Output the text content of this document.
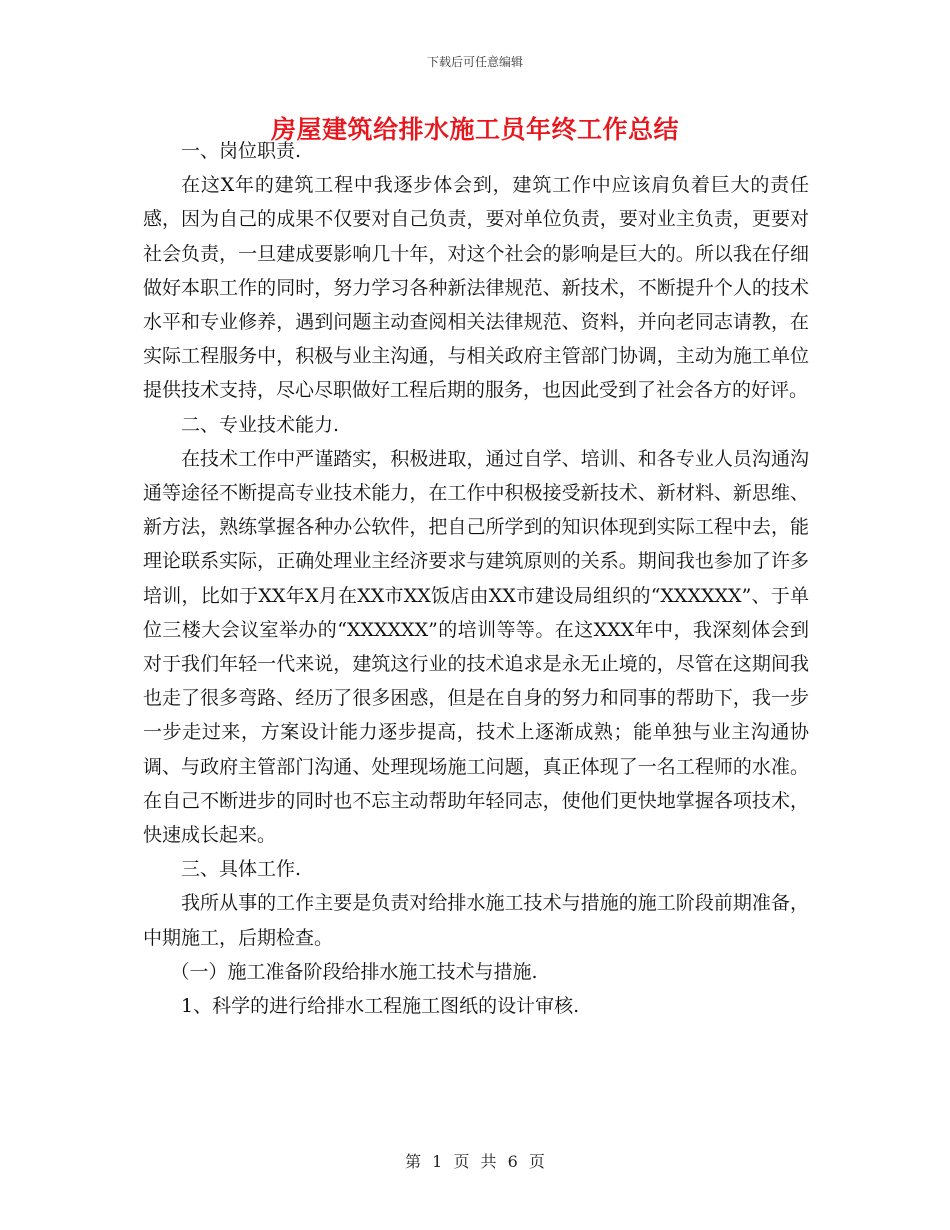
下载后可任意编辑
房屋建筑给排水施工员年终工作总结

一、岗位职责.

在这X年的建筑工程中我逐步体会到，建筑工作中应该肩负着巨大的责任感，因为自己的成果不仅要对自己负责，要对单位负责，要对业主负责，更要对社会负责，一旦建成要影响几十年，对这个社会的影响是巨大的。所以我在仔细做好本职工作的同时，努力学习各种新法律规范、新技术，不断提升个人的技术水平和专业修养，遇到问题主动查阅相关法律规范、资料，并向老同志请教，在实际工程服务中，积极与业主沟通，与相关政府主管部门协调，主动为施工单位提供技术支持，尽心尽职做好工程后期的服务，也因此受到了社会各方的好评。

二、专业技术能力.

在技术工作中严谨踏实，积极进取，通过自学、培训、和各专业人员沟通沟通等途径不断提高专业技术能力，在工作中积极接受新技术、新材料、新思维、新方法，熟练掌握各种办公软件，把自己所学到的知识体现到实际工程中去，能理论联系实际，正确处理业主经济要求与建筑原则的关系。期间我也参加了许多培训，比如于XX年X月在XX市XX饭店由XX市建设局组织的“XXXXXX”、于单位三楼大会议室举办的“XXXXXX”的培训等等。在这XXX年中，我深刻体会到对于我们年轻一代来说，建筑这行业的技术追求是永无止境的，尽管在这期间我也走了很多弯路、经历了很多困惑，但是在自身的努力和同事的帮助下，我一步一步走过来，方案设计能力逐步提高，技术上逐渐成熟；能单独与业主沟通协调、与政府主管部门沟通、处理现场施工问题，真正体现了一名工程师的水准。在自己不断进步的同时也不忘主动帮助年轻同志，使他们更快地掌握各项技术，快速成长起来。

三、具体工作.

我所从事的工作主要是负责对给排水施工技术与措施的施工阶段前期准备，中期施工，后期检查。

（一）施工准备阶段给排水施工技术与措施.

1、科学的进行给排水工程施工图纸的设计审核.

第 1 页 共 6 页
